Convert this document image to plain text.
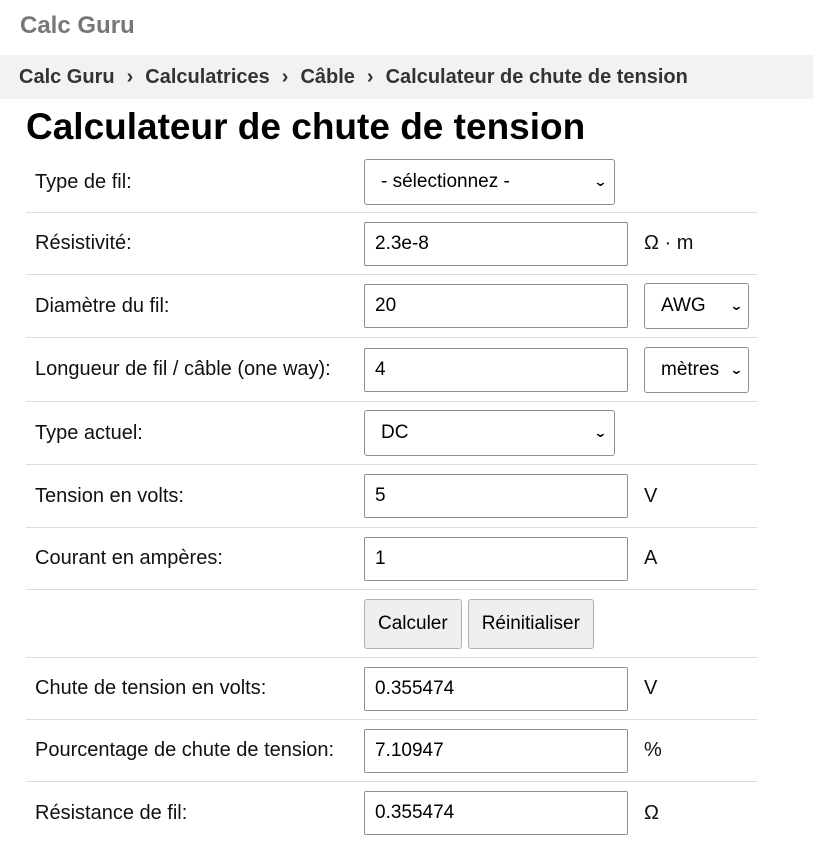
Calc Guru
Calc Guru › Calculatrices › Câble › Calculateur de chute de tension
Calculateur de chute de tension
Type de fil:	- sélectionnez -	⌄
Résistivité:
2.3e-8	Ω · m
Diamètre du fil:
20	AWG ⌄
Longueur de fil / câble (one way):
4	mètres ⌄
Type actuel:	DC	⌄
Tension en volts:
5	V
Courant en ampères:
1	A
Calculer	Réinitialiser
Chute de tension en volts:
0.355474	V
Pourcentage de chute de tension:
7.10947	%
Résistance de fil:
0.355474	Ω
